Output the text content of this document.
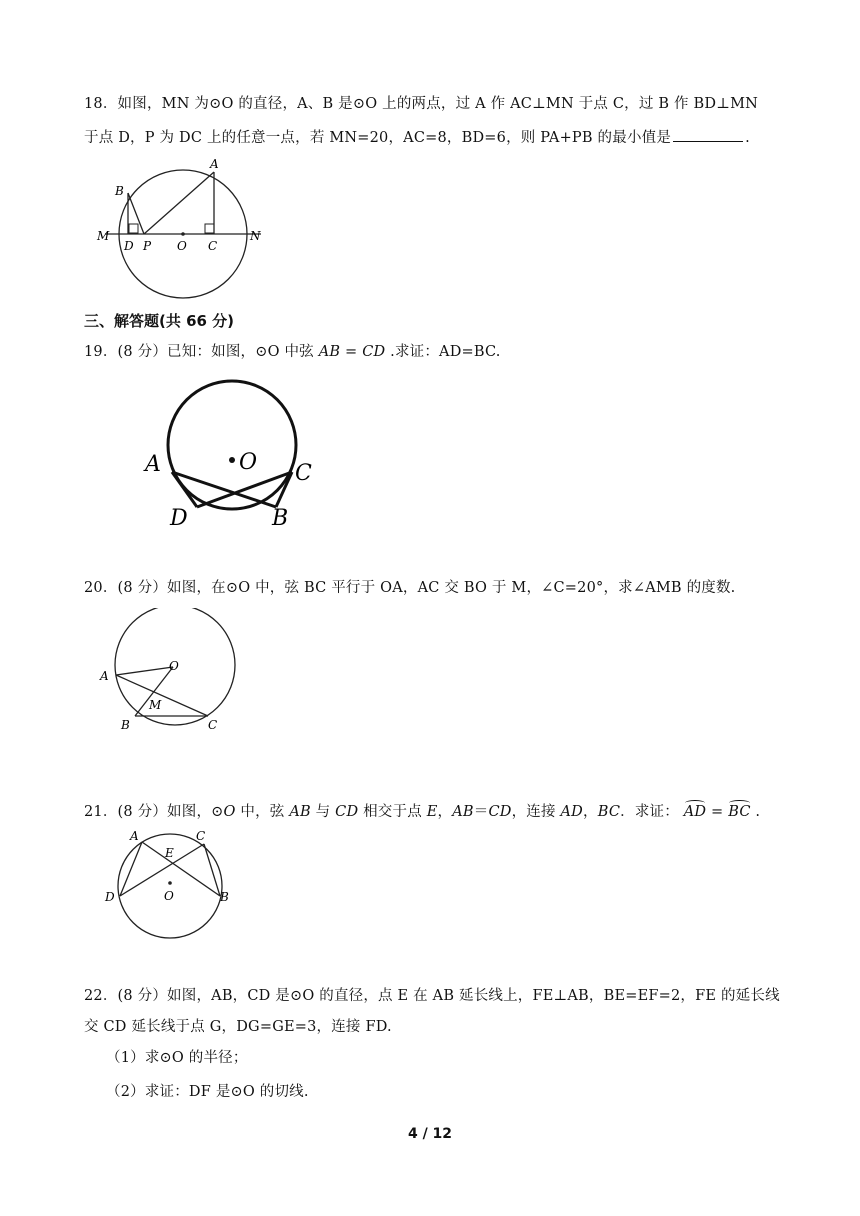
18．如图，MN 为⊙O 的直径，A、B 是⊙O 上的两点，过 A 作 AC⊥MN 于点 C，过 B 作 BD⊥MN
于点 D，P 为 DC 上的任意一点，若 MN=20，AC=8，BD=6，则 PA+PB 的最小值是	.
B
A
M
D P O C
N
三、解答题(共 66 分)
19．(8 分）已知：如图，⊙O 中弦 AB = CD .求证：AD=BC.
A	O C
D	B
20．(8 分）如图，在⊙O 中，弦 BC 平行于 OA，AC 交 BO 于 M，∠C=20°，求∠AMB 的度数.
O
A
M
B	C
21．(8 分）如图，⊙O 中，弦 AB 与 CD 相交于点 E，AB＝CD，连接 AD，BC．求证： AD = BC .
A	C
E
D	O	B
22．(8 分）如图，AB，CD 是⊙O 的直径，点 E 在 AB 延长线上，FE⊥AB，BE=EF=2，FE 的延长线
交 CD 延长线于点 G，DG=GE=3，连接 FD.
（1）求⊙O 的半径；
（2）求证：DF 是⊙O 的切线.
4 / 12
